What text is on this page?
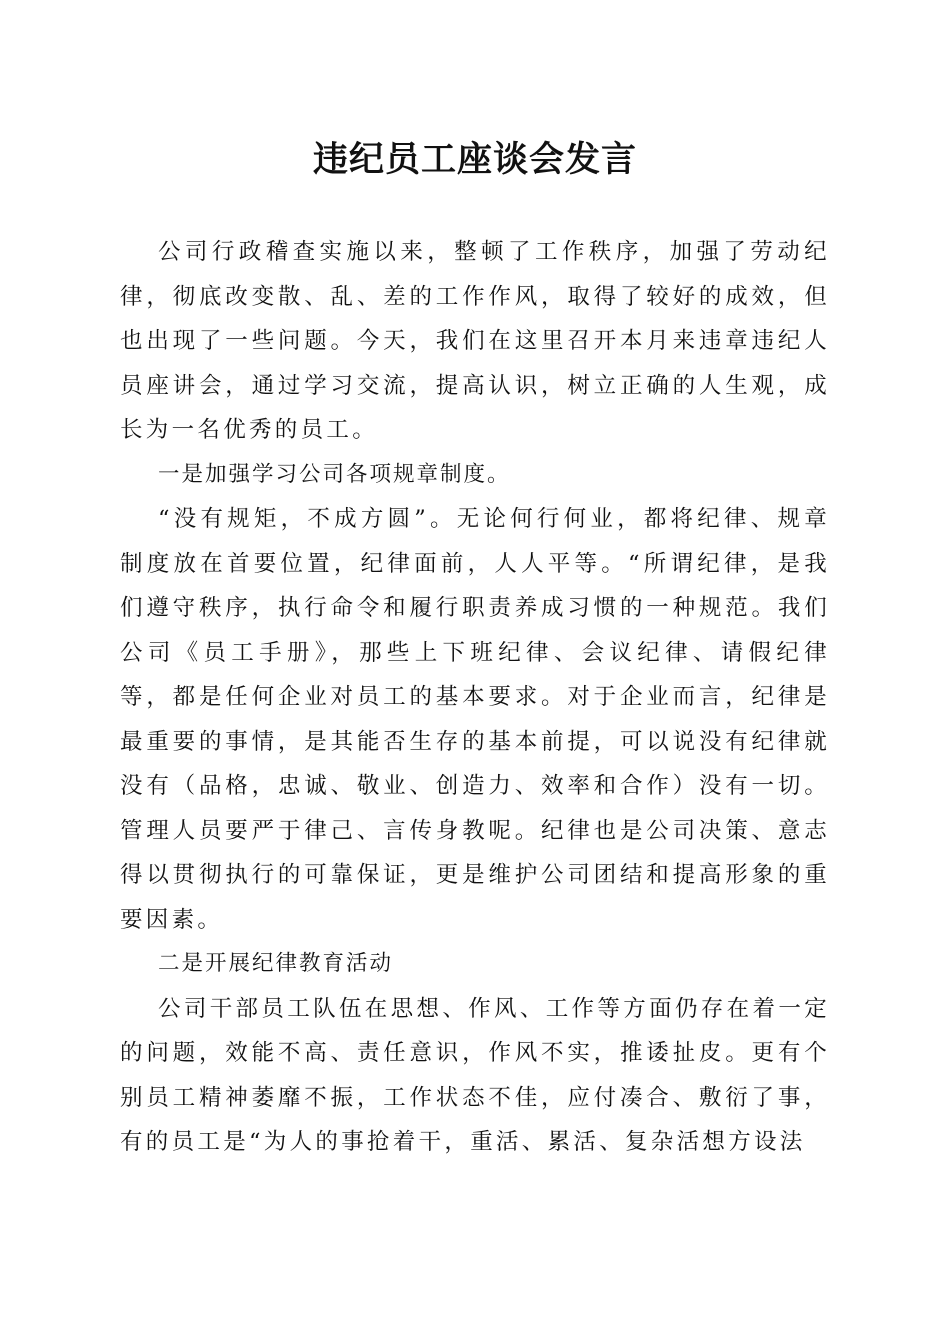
违纪员工座谈会发言

公司行政稽查实施以来，整顿了工作秩序，加强了劳动纪律，彻底改变散、乱、差的工作作风，取得了较好的成效，但也出现了一些问题。今天，我们在这里召开本月来违章违纪人员座讲会，通过学习交流，提高认识，树立正确的人生观，成长为一名优秀的员工。

一是加强学习公司各项规章制度。

“没有规矩，不成方圆”。无论何行何业，都将纪律、规章制度放在首要位置，纪律面前，人人平等。“所谓纪律，是我们遵守秩序，执行命令和履行职责养成习惯的一种规范。我们公司《员工手册》，那些上下班纪律、会议纪律、请假纪律等，都是任何企业对员工的基本要求。对于企业而言，纪律是最重要的事情，是其能否生存的基本前提，可以说没有纪律就没有（品格，忠诚、敬业、创造力、效率和合作）没有一切。管理人员要严于律己、言传身教呢。纪律也是公司决策、意志得以贯彻执行的可靠保证，更是维护公司团结和提高形象的重要因素。

二是开展纪律教育活动

公司干部员工队伍在思想、作风、工作等方面仍存在着一定的问题，效能不高、责任意识，作风不实，推诿扯皮。更有个别员工精神萎靡不振，工作状态不佳，应付凑合、敷衍了事，有的员工是“为人的事抢着干，重活、累活、复杂活想方设法
